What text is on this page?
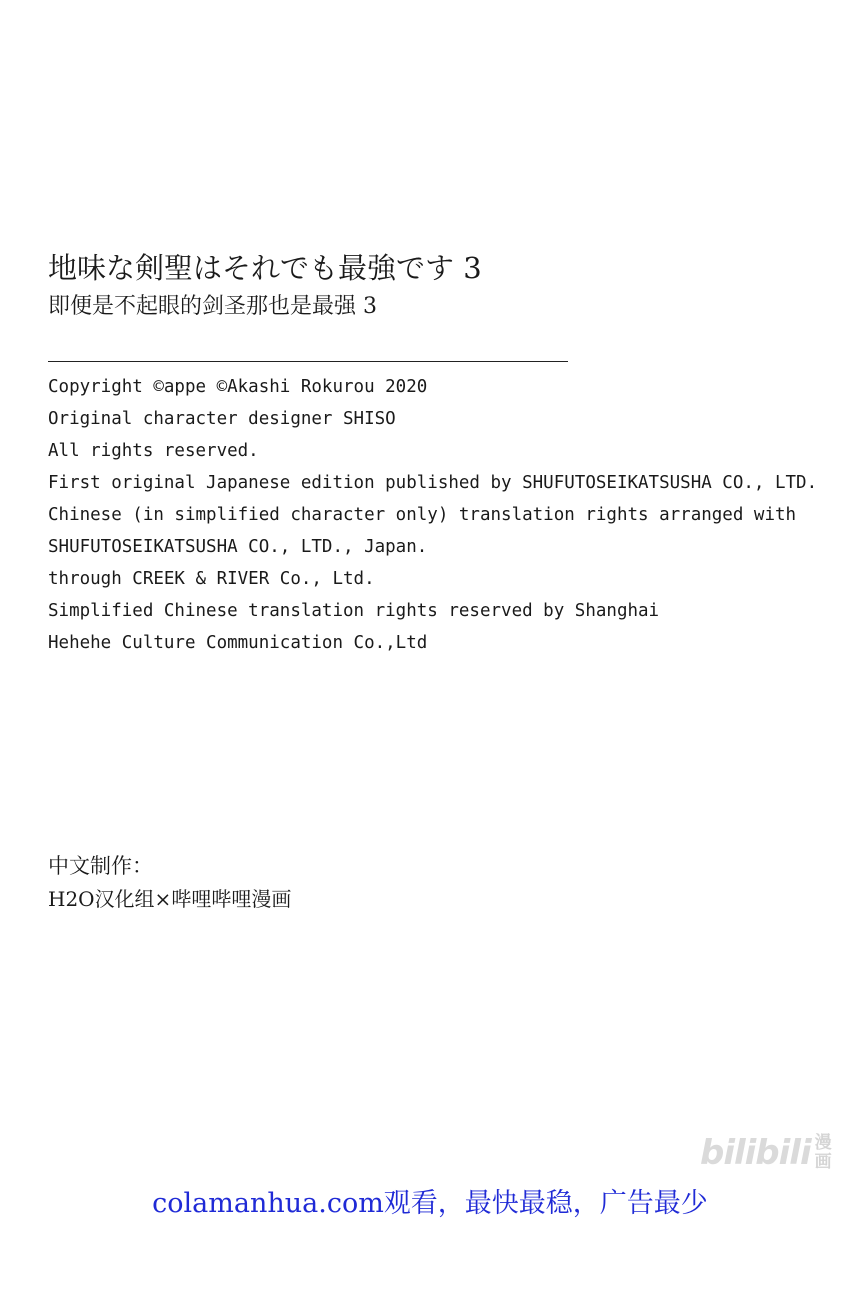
地味な剣聖はそれでも最強です 3
即便是不起眼的剑圣那也是最强 3
Copyright ©appe ©Akashi Rokurou 2020
Original character designer SHISO
All rights reserved.
First original Japanese edition published by SHUFUTOSEIKATSUSHA CO., LTD.
Chinese (in simplified character only) translation rights arranged with
SHUFUTOSEIKATSUSHA CO., LTD., Japan.
through CREEK & RIVER Co., Ltd.
Simplified Chinese translation rights reserved by Shanghai
Hehehe Culture Communication Co.,Ltd
中文制作：
H2O汉化组×哔哩哔哩漫画
bilibili 漫
画
colamanhua.com观看，最快最稳，广告最少
